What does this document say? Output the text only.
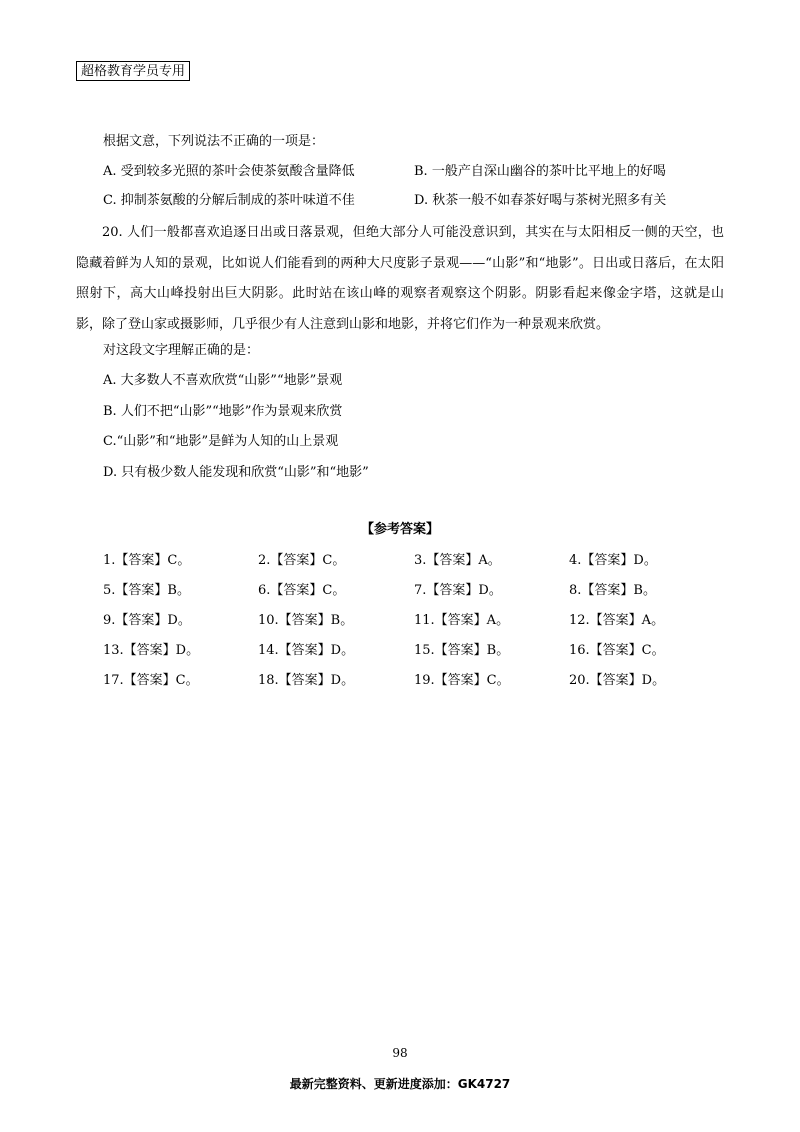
超格教育学员专用
根据文意，下列说法不正确的一项是：
A. 受到较多光照的茶叶会使茶氨酸含量降低	B. 一般产自深山幽谷的茶叶比平地上的好喝
C. 抑制茶氨酸的分解后制成的茶叶味道不佳	D. 秋茶一般不如春茶好喝与茶树光照多有关
20. 人们一般都喜欢追逐日出或日落景观，但绝大部分人可能没意识到，其实在与太阳相反一侧的天空，也隐藏着鲜为人知的景观，比如说人们能看到的两种大尺度影子景观——“山影”和“地影”。日出或日落后，在太阳照射下，高大山峰投射出巨大阴影。此时站在该山峰的观察者观察这个阴影。阴影看起来像金字塔，这就是山影，除了登山家或摄影师，几乎很少有人注意到山影和地影，并将它们作为一种景观来欣赏。
对这段文字理解正确的是：
A. 大多数人不喜欢欣赏“山影”“地影”景观
B. 人们不把“山影”“地影”作为景观来欣赏
C.“山影”和“地影”是鲜为人知的山上景观
D. 只有极少数人能发现和欣赏“山影”和“地影”
【参考答案】
1.【答案】C。	2.【答案】C。	3.【答案】A。	4.【答案】D。
5.【答案】B。	6.【答案】C。	7.【答案】D。	8.【答案】B。
9.【答案】D。	10.【答案】B。	11.【答案】A。	12.【答案】A。
13.【答案】D。	14.【答案】D。	15.【答案】B。	16.【答案】C。
17.【答案】C。	18.【答案】D。	19.【答案】C。	20.【答案】D。
98
最新完整资料、更新进度添加：GK4727
